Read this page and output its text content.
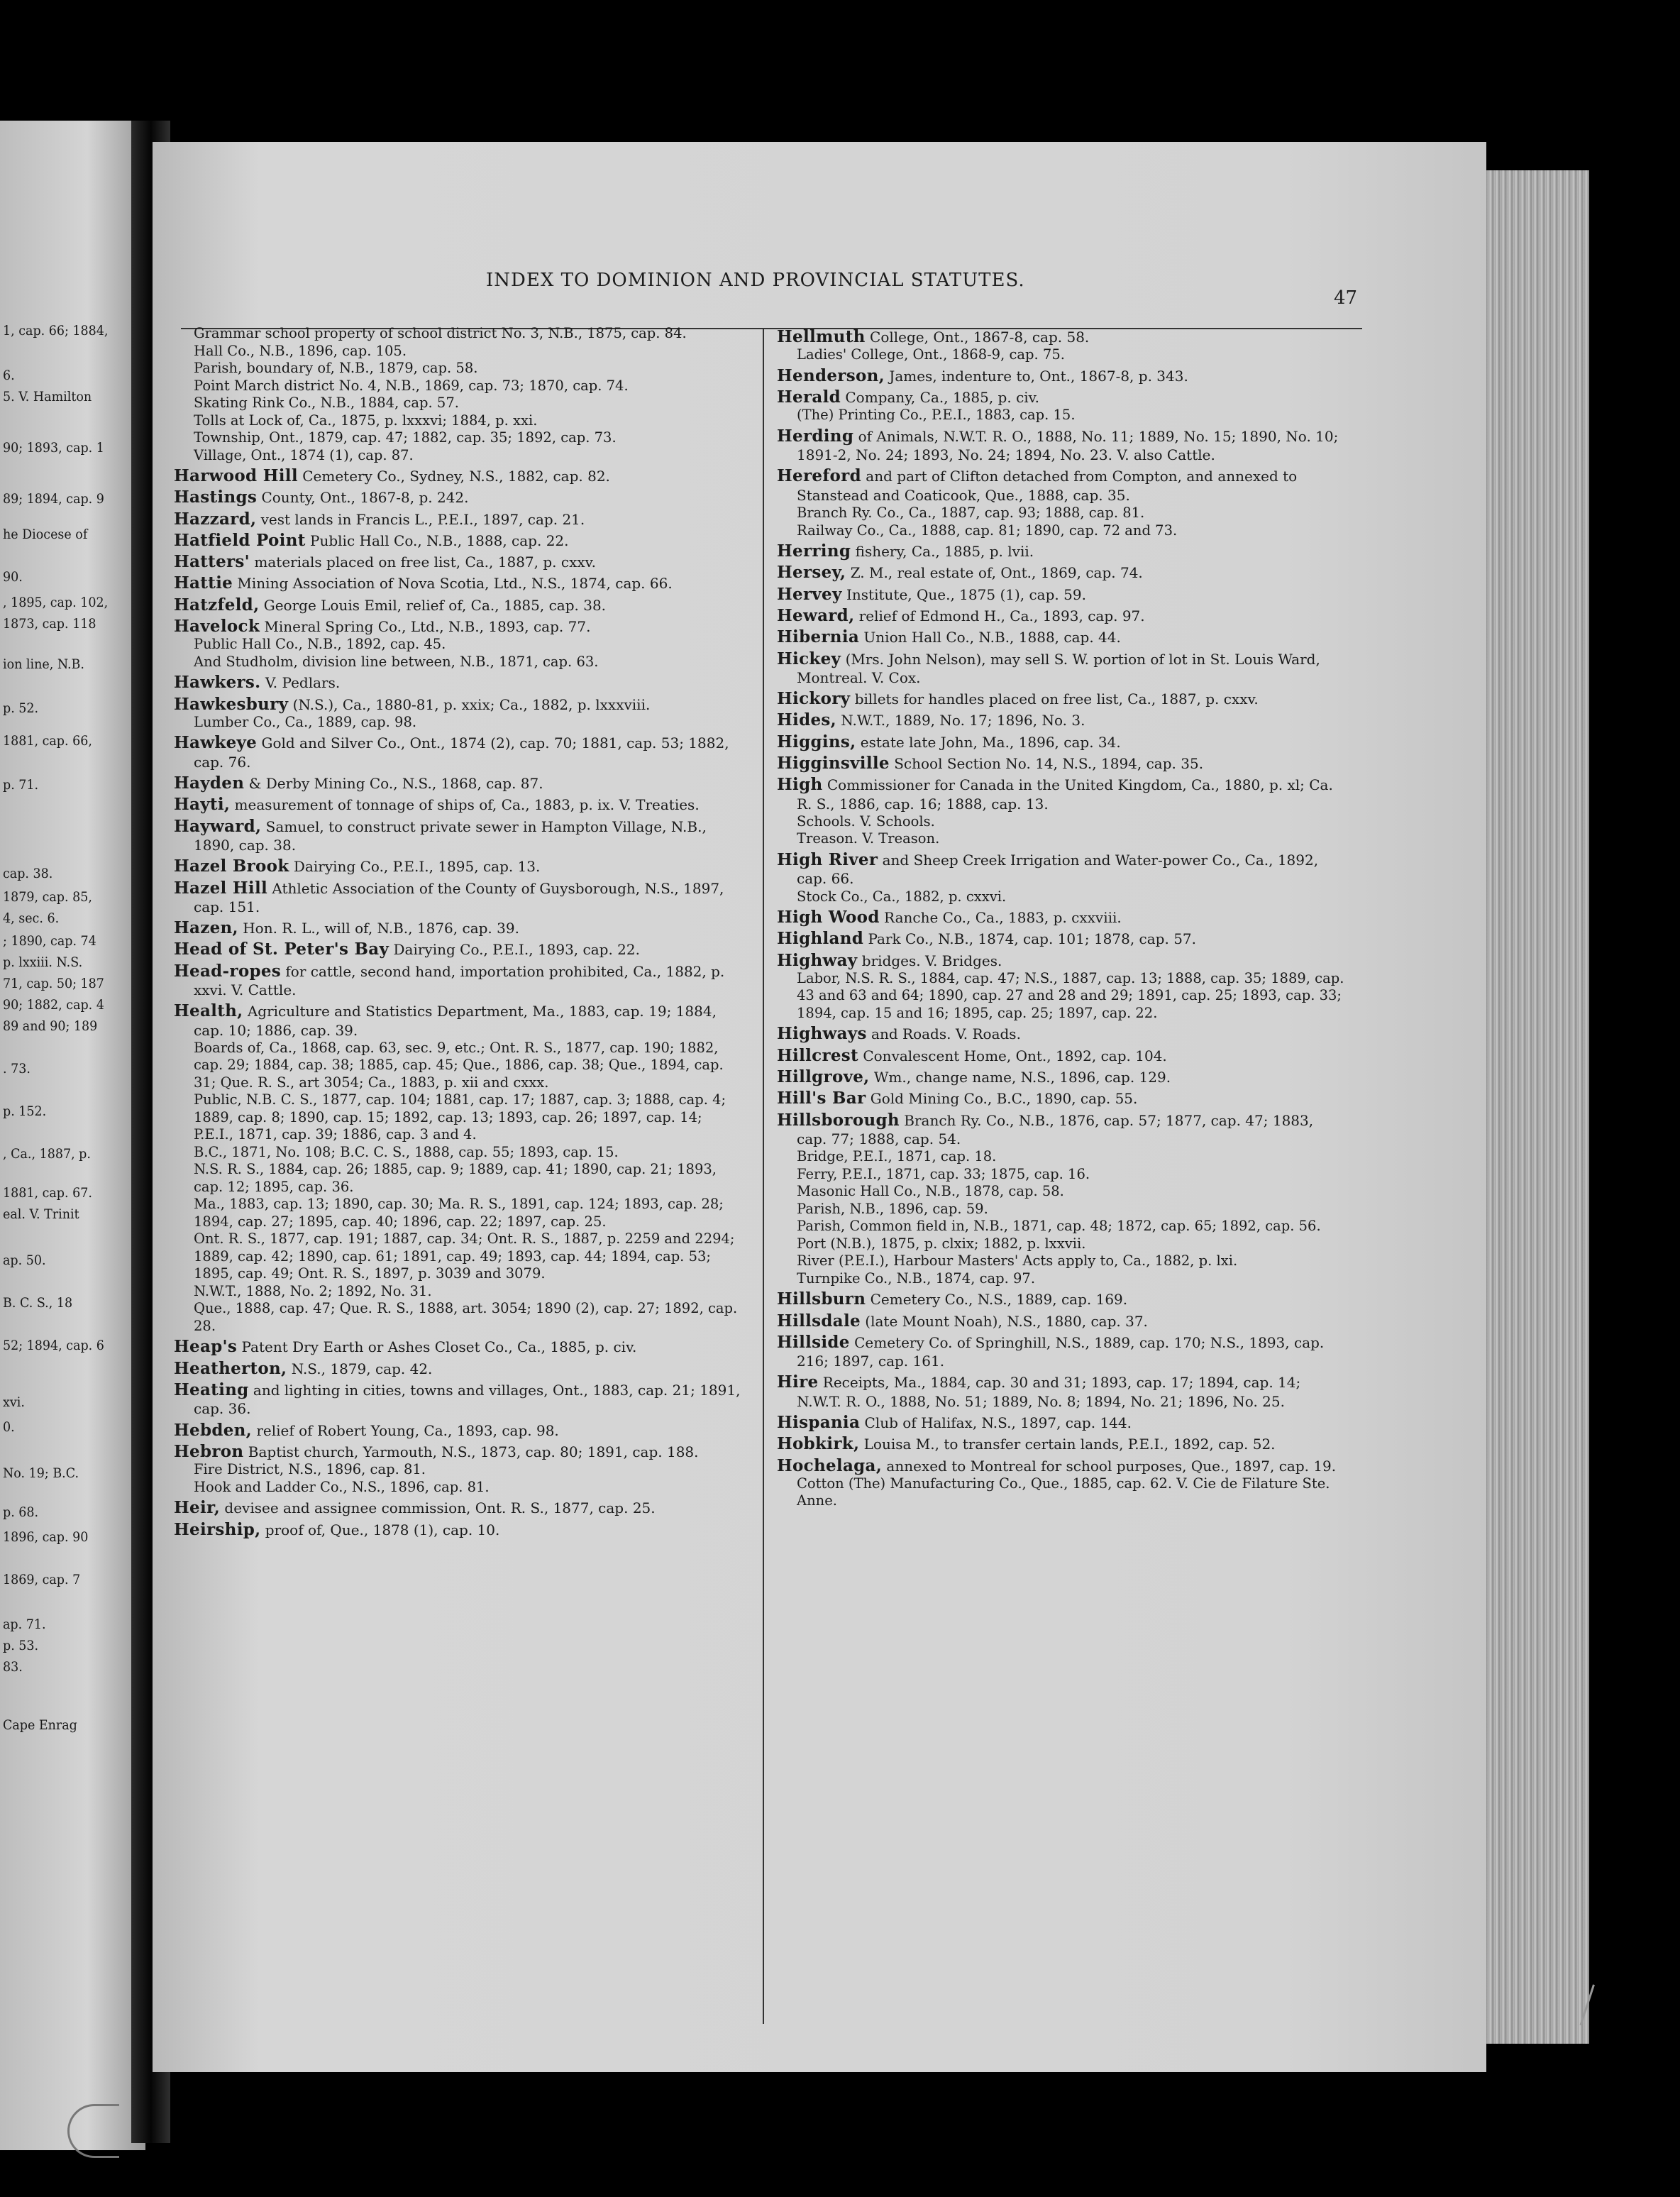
1, cap. 66; 1884,
6.
5. V. Hamilton
90; 1893, cap. 1
89; 1894, cap. 9
he Diocese of
90.
, 1895, cap. 102,
1873, cap. 118
ion line, N.B.
p. 52.
1881, cap. 66,
p. 71.
cap. 38.
1879, cap. 85,
4, sec. 6.
; 1890, cap. 74
p. lxxiii. N.S.
71, cap. 50; 187
90; 1882, cap. 4
89 and 90; 189
. 73.
p. 152.
, Ca., 1887, p.
1881, cap. 67.
eal. V. Trinit
ap. 50.
B. C. S., 18
52; 1894, cap. 6
xvi.
0.
No. 19; B.C.
p. 68.
1896, cap. 90
1869, cap. 7
ap. 71.
p. 53.
83.
Cape Enrag
INDEX TO DOMINION AND PROVINCIAL STATUTES.
47

Grammar school property of school district No. 3, N.B., 1875, cap. 84.

Hall Co., N.B., 1896, cap. 105.

Parish, boundary of, N.B., 1879, cap. 58.

Point March district No. 4, N.B., 1869, cap. 73; 1870, cap. 74.

Skating Rink Co., N.B., 1884, cap. 57.

Tolls at Lock of, Ca., 1875, p. lxxxvi; 1884, p. xxi.

Township, Ont., 1879, cap. 47; 1882, cap. 35; 1892, cap. 73.

Village, Ont., 1874 (1), cap. 87.

Harwood Hill Cemetery Co., Sydney, N.S., 1882, cap. 82.

Hastings County, Ont., 1867-8, p. 242.

Hazzard, vest lands in Francis L., P.E.I., 1897, cap. 21.

Hatfield Point Public Hall Co., N.B., 1888, cap. 22.

Hatters' materials placed on free list, Ca., 1887, p. cxxv.

Hattie Mining Association of Nova Scotia, Ltd., N.S., 1874, cap. 66.

Hatzfeld, George Louis Emil, relief of, Ca., 1885, cap. 38.

Havelock Mineral Spring Co., Ltd., N.B., 1893, cap. 77.

Public Hall Co., N.B., 1892, cap. 45.

And Studholm, division line between, N.B., 1871, cap. 63.

Hawkers. V. Pedlars.

Hawkesbury (N.S.), Ca., 1880-81, p. xxix; Ca., 1882, p. lxxxviii.

Lumber Co., Ca., 1889, cap. 98.

Hawkeye Gold and Silver Co., Ont., 1874 (2), cap. 70; 1881, cap. 53; 1882, cap. 76.

Hayden & Derby Mining Co., N.S., 1868, cap. 87.

Hayti, measurement of tonnage of ships of, Ca., 1883, p. ix. V. Treaties.

Hayward, Samuel, to construct private sewer in Hampton Village, N.B., 1890, cap. 38.

Hazel Brook Dairying Co., P.E.I., 1895, cap. 13.

Hazel Hill Athletic Association of the County of Guysborough, N.S., 1897, cap. 151.

Hazen, Hon. R. L., will of, N.B., 1876, cap. 39.

Head of St. Peter's Bay Dairying Co., P.E.I., 1893, cap. 22.

Head-ropes for cattle, second hand, importation prohibited, Ca., 1882, p. xxvi. V. Cattle.

Health, Agriculture and Statistics Department, Ma., 1883, cap. 19; 1884, cap. 10; 1886, cap. 39.

Boards of, Ca., 1868, cap. 63, sec. 9, etc.; Ont. R. S., 1877, cap. 190; 1882, cap. 29; 1884, cap. 38; 1885, cap. 45; Que., 1886, cap. 38; Que., 1894, cap. 31; Que. R. S., art 3054; Ca., 1883, p. xii and cxxx.

Public, N.B. C. S., 1877, cap. 104; 1881, cap. 17; 1887, cap. 3; 1888, cap. 4; 1889, cap. 8; 1890, cap. 15; 1892, cap. 13; 1893, cap. 26; 1897, cap. 14; P.E.I., 1871, cap. 39; 1886, cap. 3 and 4.

B.C., 1871, No. 108; B.C. C. S., 1888, cap. 55; 1893, cap. 15.

N.S. R. S., 1884, cap. 26; 1885, cap. 9; 1889, cap. 41; 1890, cap. 21; 1893, cap. 12; 1895, cap. 36.

Ma., 1883, cap. 13; 1890, cap. 30; Ma. R. S., 1891, cap. 124; 1893, cap. 28; 1894, cap. 27; 1895, cap. 40; 1896, cap. 22; 1897, cap. 25.

Ont. R. S., 1877, cap. 191; 1887, cap. 34; Ont. R. S., 1887, p. 2259 and 2294; 1889, cap. 42; 1890, cap. 61; 1891, cap. 49; 1893, cap. 44; 1894, cap. 53; 1895, cap. 49; Ont. R. S., 1897, p. 3039 and 3079.

N.W.T., 1888, No. 2; 1892, No. 31.

Que., 1888, cap. 47; Que. R. S., 1888, art. 3054; 1890 (2), cap. 27; 1892, cap. 28.

Heap's Patent Dry Earth or Ashes Closet Co., Ca., 1885, p. civ.

Heatherton, N.S., 1879, cap. 42.

Heating and lighting in cities, towns and villages, Ont., 1883, cap. 21; 1891, cap. 36.

Hebden, relief of Robert Young, Ca., 1893, cap. 98.

Hebron Baptist church, Yarmouth, N.S., 1873, cap. 80; 1891, cap. 188.

Fire District, N.S., 1896, cap. 81.

Hook and Ladder Co., N.S., 1896, cap. 81.

Heir, devisee and assignee commission, Ont. R. S., 1877, cap. 25.

Heirship, proof of, Que., 1878 (1), cap. 10.

Hellmuth College, Ont., 1867-8, cap. 58.

Ladies' College, Ont., 1868-9, cap. 75.

Henderson, James, indenture to, Ont., 1867-8, p. 343.

Herald Company, Ca., 1885, p. civ.

(The) Printing Co., P.E.I., 1883, cap. 15.

Herding of Animals, N.W.T. R. O., 1888, No. 11; 1889, No. 15; 1890, No. 10; 1891-2, No. 24; 1893, No. 24; 1894, No. 23. V. also Cattle.

Hereford and part of Clifton detached from Compton, and annexed to Stanstead and Coaticook, Que., 1888, cap. 35.

Branch Ry. Co., Ca., 1887, cap. 93; 1888, cap. 81.

Railway Co., Ca., 1888, cap. 81; 1890, cap. 72 and 73.

Herring fishery, Ca., 1885, p. lvii.

Hersey, Z. M., real estate of, Ont., 1869, cap. 74.

Hervey Institute, Que., 1875 (1), cap. 59.

Heward, relief of Edmond H., Ca., 1893, cap. 97.

Hibernia Union Hall Co., N.B., 1888, cap. 44.

Hickey (Mrs. John Nelson), may sell S. W. portion of lot in St. Louis Ward, Montreal. V. Cox.

Hickory billets for handles placed on free list, Ca., 1887, p. cxxv.

Hides, N.W.T., 1889, No. 17; 1896, No. 3.

Higgins, estate late John, Ma., 1896, cap. 34.

Higginsville School Section No. 14, N.S., 1894, cap. 35.

High Commissioner for Canada in the United Kingdom, Ca., 1880, p. xl; Ca. R. S., 1886, cap. 16; 1888, cap. 13.

Schools. V. Schools.

Treason. V. Treason.

High River and Sheep Creek Irrigation and Water-power Co., Ca., 1892, cap. 66.

Stock Co., Ca., 1882, p. cxxvi.

High Wood Ranche Co., Ca., 1883, p. cxxviii.

Highland Park Co., N.B., 1874, cap. 101; 1878, cap. 57.

Highway bridges. V. Bridges.

Labor, N.S. R. S., 1884, cap. 47; N.S., 1887, cap. 13; 1888, cap. 35; 1889, cap. 43 and 63 and 64; 1890, cap. 27 and 28 and 29; 1891, cap. 25; 1893, cap. 33; 1894, cap. 15 and 16; 1895, cap. 25; 1897, cap. 22.

Highways and Roads. V. Roads.

Hillcrest Convalescent Home, Ont., 1892, cap. 104.

Hillgrove, Wm., change name, N.S., 1896, cap. 129.

Hill's Bar Gold Mining Co., B.C., 1890, cap. 55.

Hillsborough Branch Ry. Co., N.B., 1876, cap. 57; 1877, cap. 47; 1883, cap. 77; 1888, cap. 54.

Bridge, P.E.I., 1871, cap. 18.

Ferry, P.E.I., 1871, cap. 33; 1875, cap. 16.

Masonic Hall Co., N.B., 1878, cap. 58.

Parish, N.B., 1896, cap. 59.

Parish, Common field in, N.B., 1871, cap. 48; 1872, cap. 65; 1892, cap. 56.

Port (N.B.), 1875, p. clxix; 1882, p. lxxvii.

River (P.E.I.), Harbour Masters' Acts apply to, Ca., 1882, p. lxi.

Turnpike Co., N.B., 1874, cap. 97.

Hillsburn Cemetery Co., N.S., 1889, cap. 169.

Hillsdale (late Mount Noah), N.S., 1880, cap. 37.

Hillside Cemetery Co. of Springhill, N.S., 1889, cap. 170; N.S., 1893, cap. 216; 1897, cap. 161.

Hire Receipts, Ma., 1884, cap. 30 and 31; 1893, cap. 17; 1894, cap. 14; N.W.T. R. O., 1888, No. 51; 1889, No. 8; 1894, No. 21; 1896, No. 25.

Hispania Club of Halifax, N.S., 1897, cap. 144.

Hobkirk, Louisa M., to transfer certain lands, P.E.I., 1892, cap. 52.

Hochelaga, annexed to Montreal for school purposes, Que., 1897, cap. 19.

Cotton (The) Manufacturing Co., Que., 1885, cap. 62. V. Cie de Filature Ste. Anne.
